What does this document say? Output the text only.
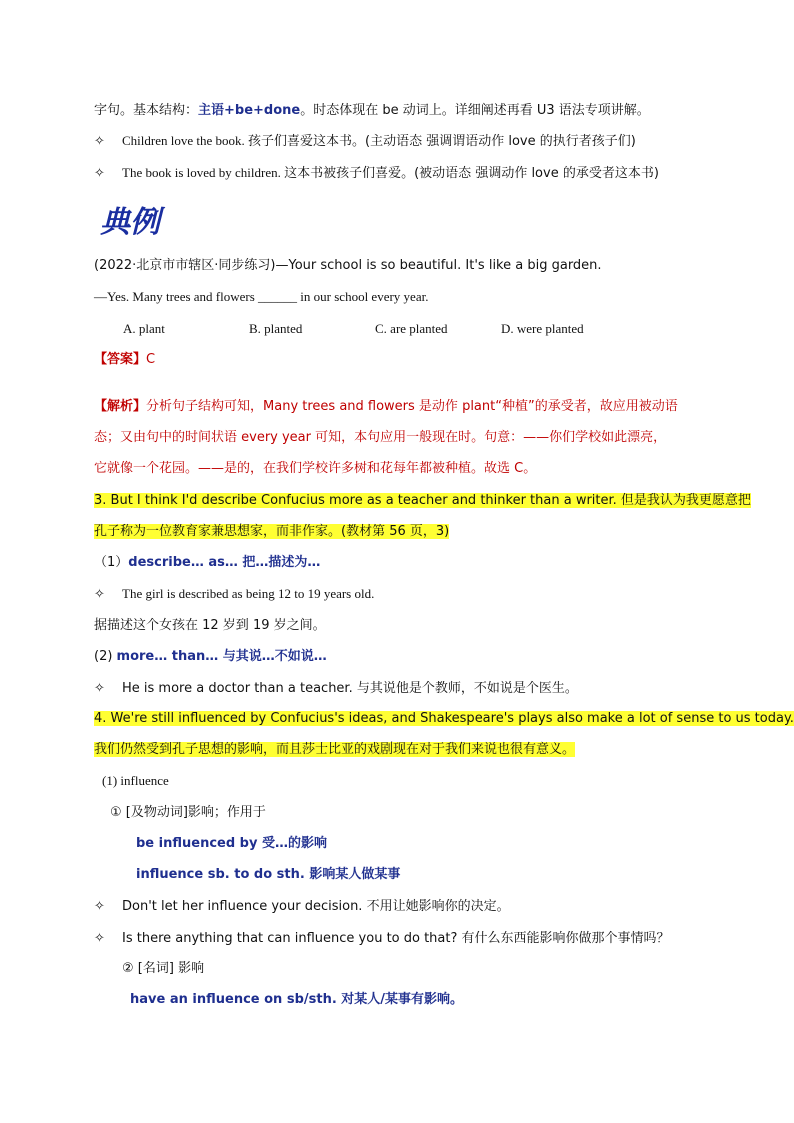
字句。基本结构：主语+be+done。时态体现在 be 动词上。详细阐述再看 U3 语法专项讲解。
✧ Children love the book. 孩子们喜爱这本书。(主动语态 强调谓语动作 love 的执行者孩子们)
✧ The book is loved by children. 这本书被孩子们喜爱。(被动语态 强调动作 love 的承受者这本书)
典例
(2022·北京市市辖区·同步练习)—Your school is so beautiful. It's like a big garden.
—Yes. Many trees and flowers ______ in our school every year.
A. plant	B. planted	C. are planted	D. were planted
【答案】C
【解析】分析句子结构可知，Many trees and flowers 是动作 plant“种植”的承受者，故应用被动语
态；又由句中的时间状语 every year 可知，本句应用一般现在时。句意：——你们学校如此漂亮，
它就像一个花园。——是的，在我们学校许多树和花每年都被种植。故选 C。
3. But I think I'd describe Confucius more as a teacher and thinker than a writer. 但是我认为我更愿意把
孔子称为一位教育家兼思想家，而非作家。(教材第 56 页，3)
（1）describe… as… 把…描述为…
✧ The girl is described as being 12 to 19 years old.
据描述这个女孩在 12 岁到 19 岁之间。
(2) more… than… 与其说…不如说…
✧ He is more a doctor than a teacher. 与其说他是个教师，不如说是个医生。
4. We're still influenced by Confucius's ideas, and Shakespeare's plays also make a lot of sense to us today.
我们仍然受到孔子思想的影响，而且莎士比亚的戏剧现在对于我们来说也很有意义。
(1) influence
① [及物动词]影响；作用于
be influenced by 受…的影响
influence sb. to do sth. 影响某人做某事
✧ Don't let her influence your decision. 不用让她影响你的决定。
✧ Is there anything that can influence you to do that? 有什么东西能影响你做那个事情吗？
② [名词] 影响
have an influence on sb/sth. 对某人/某事有影响。
